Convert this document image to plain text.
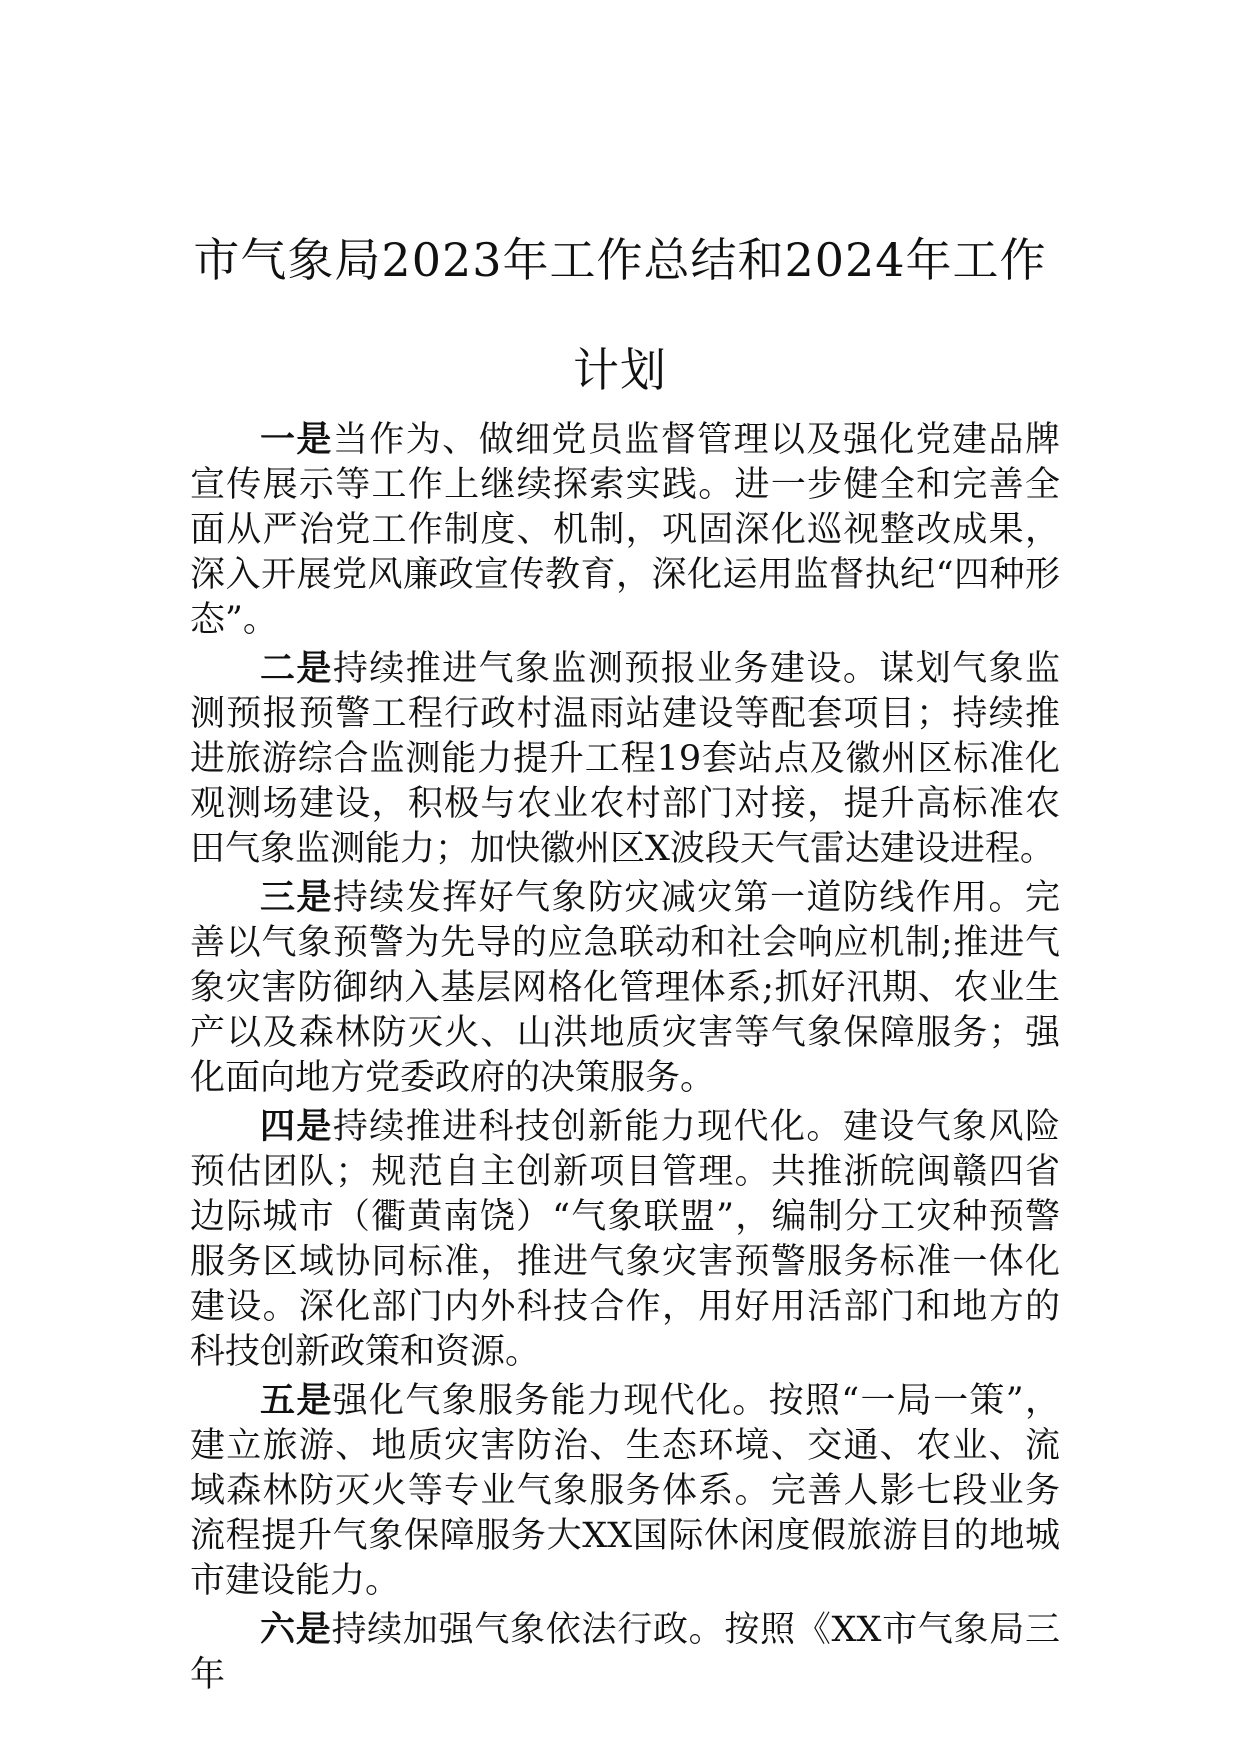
市气象局2023年工作总结和2024年工作计划

一是当作为、做细党员监督管理以及强化党建品牌宣传展示等工作上继续探索实践。进一步健全和完善全面从严治党工作制度、机制，巩固深化巡视整改成果，深入开展党风廉政宣传教育，深化运用监督执纪“四种形态”。

二是持续推进气象监测预报业务建设。谋划气象监测预报预警工程行政村温雨站建设等配套项目；持续推进旅游综合监测能力提升工程19套站点及徽州区标准化观测场建设，积极与农业农村部门对接，提升高标准农田气象监测能力；加快徽州区X波段天气雷达建设进程。

三是持续发挥好气象防灾减灾第一道防线作用。完善以气象预警为先导的应急联动和社会响应机制;推进气象灾害防御纳入基层网格化管理体系;抓好汛期、农业生产以及森林防灭火、山洪地质灾害等气象保障服务；强化面向地方党委政府的决策服务。

四是持续推进科技创新能力现代化。建设气象风险预估团队；规范自主创新项目管理。共推浙皖闽赣四省边际城市（衢黄南饶）“气象联盟”，编制分工灾种预警服务区域协同标准，推进气象灾害预警服务标准一体化建设。深化部门内外科技合作，用好用活部门和地方的科技创新政策和资源。

五是强化气象服务能力现代化。按照“一局一策”，建立旅游、地质灾害防治、生态环境、交通、农业、流域森林防灭火等专业气象服务体系。完善人影七段业务流程提升气象保障服务大XX国际休闲度假旅游目的地城市建设能力。

六是持续加强气象依法行政。按照《XX市气象局三年
